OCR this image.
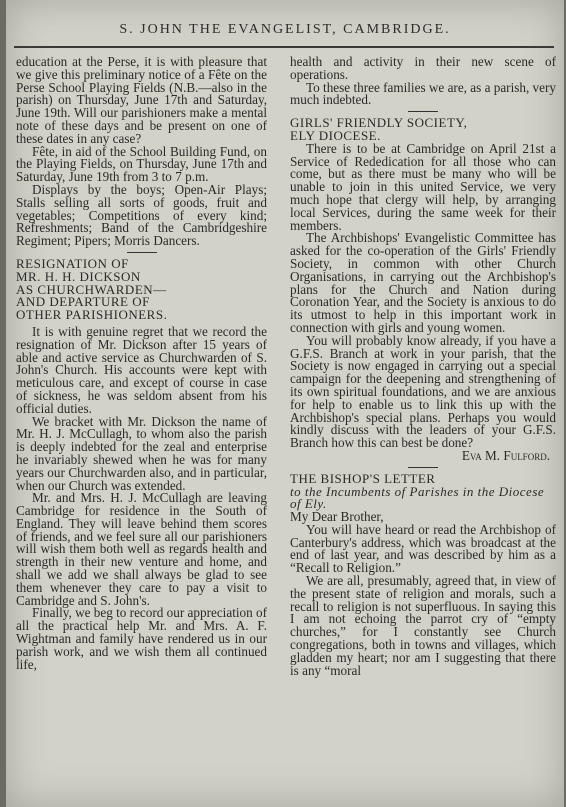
S. JOHN THE EVANGELIST, CAMBRIDGE.

education at the Perse, it is with pleasure that we give this preliminary notice of a Fête on the Perse School Playing Fields (N.B.—also in the parish) on Thursday, June 17th and Saturday, June 19th. Will our parishioners make a mental note of these days and be present on one of these dates in any case?

Fête, in aid of the School Building Fund, on the Playing Fields, on Thursday, June 17th and Saturday, June 19th from 3 to 7 p.m.

Displays by the boys; Open-Air Plays; Stalls selling all sorts of goods, fruit and vegetables; Competitions of every kind; Refreshments; Band of the Cambridgeshire Regiment; Pipers; Morris Dancers.

RESIGNATION OF

MR. H. H. DICKSON

AS CHURCHWARDEN—

AND DEPARTURE OF

OTHER PARISHIONERS.

It is with genuine regret that we record the resignation of Mr. Dickson after 15 years of able and active service as Churchwarden of S. John's Church. His accounts were kept with meticulous care, and except of course in case of sickness, he was seldom absent from his official duties.

We bracket with Mr. Dickson the name of Mr. H. J. McCullagh, to whom also the parish is deeply indebted for the zeal and enterprise he invariably shewed when he was for many years our Churchwarden also, and in particular, when our Church was extended.

Mr. and Mrs. H. J. McCullagh are leaving Cambridge for residence in the South of England. They will leave behind them scores of friends, and we feel sure all our parishioners will wish them both well as regards health and strength in their new venture and home, and shall we add we shall always be glad to see them whenever they care to pay a visit to Cambridge and S. John's.

Finally, we beg to record our appreciation of all the practical help Mr. and Mrs. A. F. Wightman and family have rendered us in our parish work, and we wish them all continued life,

health and activity in their new scene of operations.

To these three families we are, as a parish, very much indebted.

GIRLS' FRIENDLY SOCIETY,

ELY DIOCESE.

There is to be at Cambridge on April 21st a Service of Rededication for all those who can come, but as there must be many who will be unable to join in this united Service, we very much hope that clergy will help, by arranging local Services, during the same week for their members.

The Archbishops' Evangelistic Committee has asked for the co-operation of the Girls' Friendly Society, in common with other Church Organisations, in carrying out the Archbishop's plans for the Church and Nation during Coronation Year, and the Society is anxious to do its utmost to help in this important work in connection with girls and young women.

You will probably know already, if you have a G.F.S. Branch at work in your parish, that the Society is now engaged in carrying out a special campaign for the deepening and strengthening of its own spiritual foundations, and we are anxious for help to enable us to link this up with the Archbishop's special plans. Perhaps you would kindly discuss with the leaders of your G.F.S. Branch how this can best be done?

Eva M. Fulford.

THE BISHOP'S LETTER

to the Incumbents of Parishes in the Diocese of Ely.

My Dear Brother,

You will have heard or read the Archbishop of Canterbury's address, which was broadcast at the end of last year, and was described by him as a “Recall to Religion.”

We are all, presumably, agreed that, in view of the present state of religion and morals, such a recall to religion is not superfluous. In saying this I am not echoing the parrot cry of “empty churches,” for I constantly see Church congregations, both in towns and villages, which gladden my heart; nor am I suggesting that there is any “moral
